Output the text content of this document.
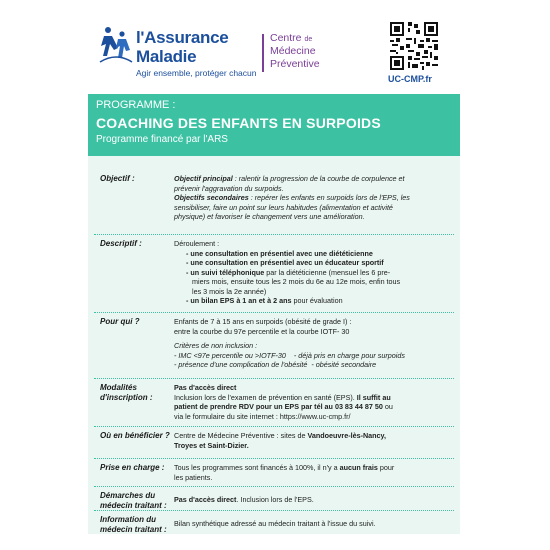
l'Assurance
Maladie
Agir ensemble, protéger chacun
Centre de
Médecine
Préventive
UC-CMP.fr
PROGRAMME :
COACHING DES ENFANTS EN SURPOIDS
Programme financé par l'ARS
Objectif :	Objectif principal : ralentir la progression de la courbe de corpulence et
prévenir l'aggravation du surpoids.
Objectifs secondaires : repérer les enfants en surpoids lors de l'EPS, les
sensibiliser, faire un point sur leurs habitudes (alimentation et activité
physique) et favoriser le changement vers une amélioration.
Descriptif :	Déroulement :
- une consultation en présentiel avec une diététicienne
- une consultation en présentiel avec un éducateur sportif
- un suivi téléphonique par la diététicienne (mensuel les 6 pre-
miers mois, ensuite tous les 2 mois du 6e au 12e mois, enfin tous
les 3 mois la 2e année)
- un bilan EPS à 1 an et à 2 ans pour évaluation
Pour qui ?	Enfants de 7 à 15 ans en surpoids (obésité de grade I) :
entre la courbe du 97e percentile et la courbe IOTF- 30
Critères de non inclusion :
- IMC <97e percentile ou >IOTF-30 - déjà pris en charge pour surpoids
- présence d'une complication de l'obésité - obésité secondaire
Modalités d'inscription :
Pas d'accès direct
Inclusion lors de l'examen de prévention en santé (EPS). Il suffit au
patient de prendre RDV pour un EPS par tél au 03 83 44 87 50 ou
via le formulaire du site internet : https://www.uc-cmp.fr/
Où en bénéficier ? Centre de Médecine Préventive : sites de Vandoeuvre-lès-Nancy,
Troyes et Saint-Dizier.
Prise en charge :	Tous les programmes sont financés à 100%, il n'y a aucun frais pour
les patients.
Démarches du médecin traitant :
Pas d'accès direct. Inclusion lors de l'EPS.
Information du médecin traitant :
Bilan synthétique adressé au médecin traitant à l'issue du suivi.
